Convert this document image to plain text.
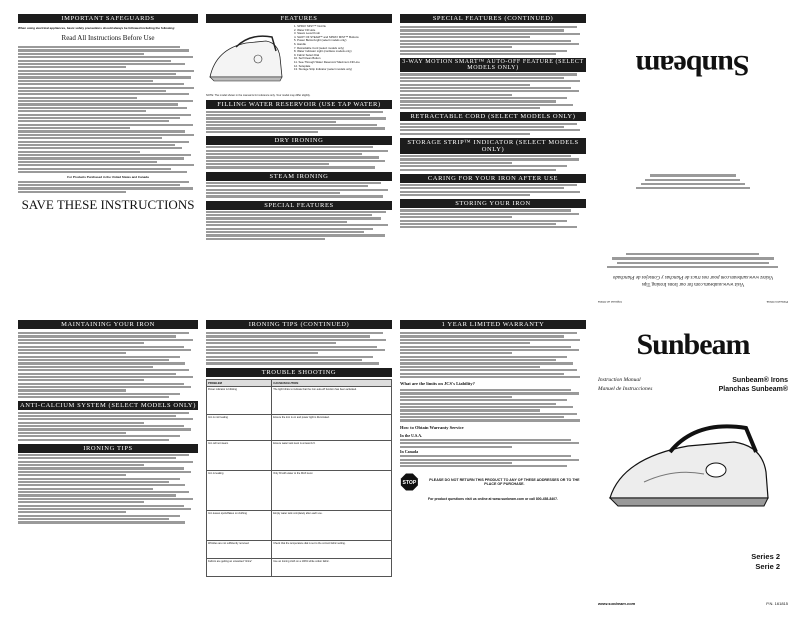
IMPORTANT SAFEGUARDS
When using electrical appliances, basic safety precautions should always be followed including the following:
Read All Instructions Before Use
For Products Purchased in the United States and Canada
SAVE THESE INSTRUCTIONS
FEATURES
1. SPRAY MIST™ Nozzle
2. Water Fill Hole
3. Steam Level Knob
4. SHOT OF STEAM™ and SPRAY MIST™ Buttons
5. Power Button/Light (select models only)
6. Handle
7. Retractable Cord (select models only)
8. Water Indicator Light (cordless models only)
9. Fabric Select Dial
10. Self Clean Button
11. See-Through Water Reservoir/ Maximum Fill Line
12. Soleplate
13. Storage Strip Indicator (select models only)
NOTE: The model shown in the manual is for reference only. Your model may differ slightly.
FILLING WATER RESERVOIR (USE TAP WATER)
DRY IRONING
STEAM IRONING
SPECIAL FEATURES
SPECIAL FEATURES (CONTINUED)
3-WAY MOTION SMART™ AUTO-OFF FEATURE (SELECT MODELS ONLY)
RETRACTABLE CORD (SELECT MODELS ONLY)
STORAGE STRIP™ INDICATOR (SELECT MODELS ONLY)
CARING FOR YOUR IRON AFTER USE
STORING YOUR IRON
Printed in China
Impreso en China
Visit www.sunbeam.com for our Irons Ironing Tips
Visitez www.sunbeam.com pour nos trucs de Planchas y Consejos de Planchado
Sunbeam
MAINTAINING YOUR IRON
ANTI-CALCIUM SYSTEM (SELECT MODELS ONLY)
IRONING TIPS
IRONING TIPS (CONTINUED)
TROUBLE SHOOTING
PROBLEM	CAUSE/SOLUTION
Power indicator is blinking	The light blinks to indicate that the iron auto-off function has been activated.
Iron is not heating	Ensure the iron is on and power light is illuminated.
Iron will not steam	Ensure water tank level is at least 1/3.
Iron is leaking	Only fill with water to the MAX level.
Iron leaves spots/flakes on clothing	Empty water tank completely after each use.
Wrinkles are not sufficiently removed	Check that the temperature dial is set to the correct fabric setting.
Fabrics are getting an unwanted "shine"	Use an ironing cloth on a 100% white cotton fabric.
1 YEAR LIMITED WARRANTY
What are the limits on JCS's Liability?
How to Obtain Warranty Service
In the U.S.A.
In Canada
STOP
PLEASE DO NOT RETURN THIS PRODUCT TO ANY OF THESE ADDRESSES OR TO THE PLACE OF PURCHASE.
For product questions visit us online at www.sunbeam.com or call 800-458-8407.
Sunbeam
Instruction Manual
Manuel de Instrucciones
Sunbeam® Irons
Planchas Sunbeam®
Series 2
Serie 2
www.sunbeam.com	P.N. 161815
